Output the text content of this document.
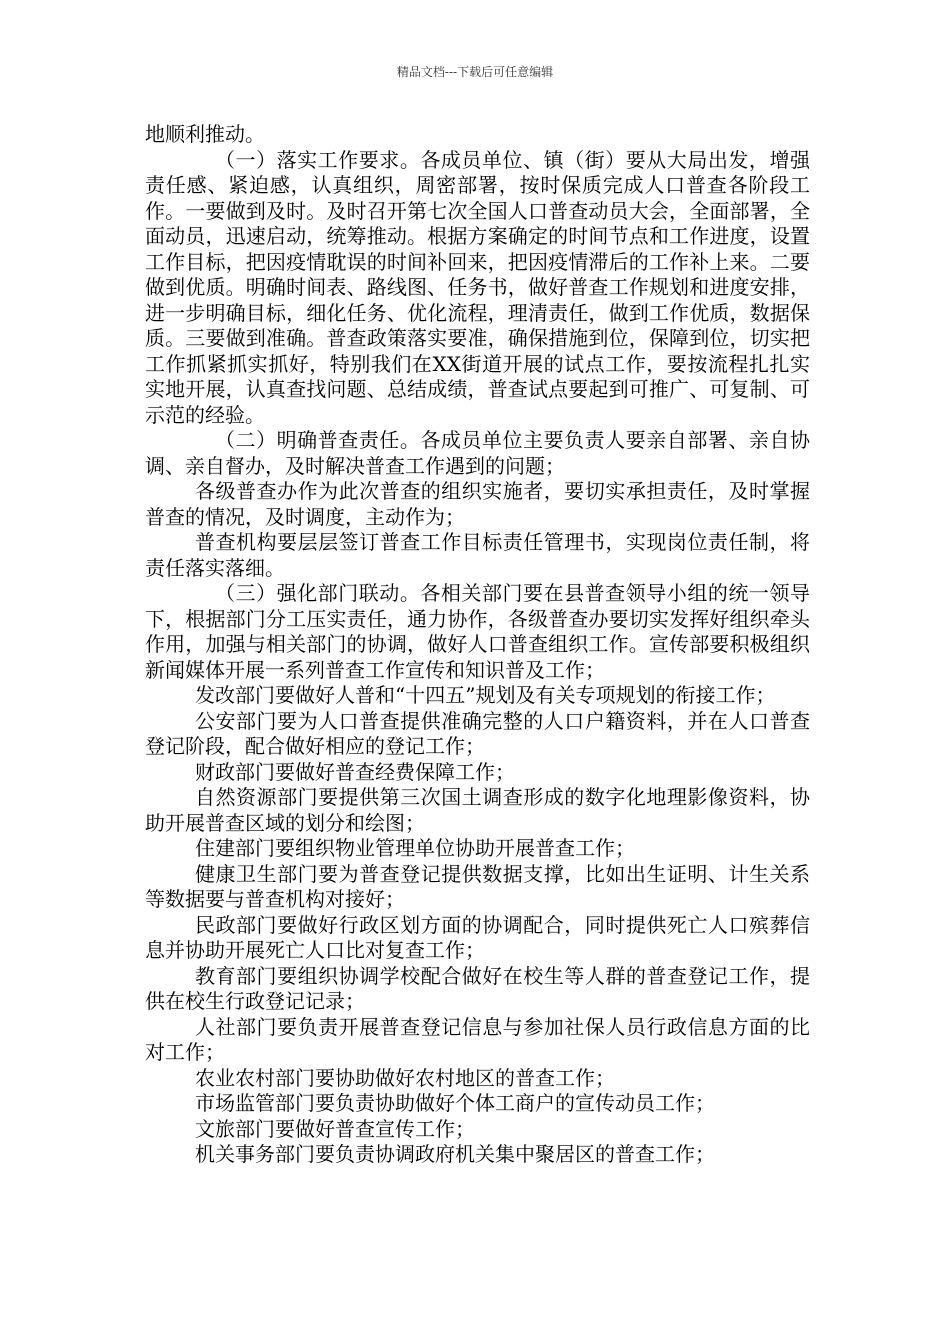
精品文档---下载后可任意编辑

地顺利推动。

（一）落实工作要求。各成员单位、镇（街）要从大局出发，增强责任感、紧迫感，认真组织，周密部署，按时保质完成人口普查各阶段工作。一要做到及时。及时召开第七次全国人口普查动员大会，全面部署，全面动员，迅速启动，统筹推动。根据方案确定的时间节点和工作进度，设置工作目标，把因疫情耽误的时间补回来，把因疫情滞后的工作补上来。二要做到优质。明确时间表、路线图、任务书，做好普查工作规划和进度安排，进一步明确目标，细化任务、优化流程，理清责任，做到工作优质，数据保质。三要做到准确。普查政策落实要准，确保措施到位，保障到位，切实把工作抓紧抓实抓好，特别我们在XX街道开展的试点工作，要按流程扎扎实实地开展，认真查找问题、总结成绩，普查试点要起到可推广、可复制、可示范的经验。

（二）明确普查责任。各成员单位主要负责人要亲自部署、亲自协调、亲自督办，及时解决普查工作遇到的问题；

各级普查办作为此次普查的组织实施者，要切实承担责任，及时掌握普查的情况，及时调度，主动作为；

普查机构要层层签订普查工作目标责任管理书，实现岗位责任制，将责任落实落细。

（三）强化部门联动。各相关部门要在县普查领导小组的统一领导下，根据部门分工压实责任，通力协作，各级普查办要切实发挥好组织牵头作用，加强与相关部门的协调，做好人口普查组织工作。宣传部要积极组织新闻媒体开展一系列普查工作宣传和知识普及工作；

发改部门要做好人普和“十四五”规划及有关专项规划的衔接工作；

公安部门要为人口普查提供准确完整的人口户籍资料，并在人口普查登记阶段，配合做好相应的登记工作；

财政部门要做好普查经费保障工作；

自然资源部门要提供第三次国土调查形成的数字化地理影像资料，协助开展普查区域的划分和绘图；

住建部门要组织物业管理单位协助开展普查工作；

健康卫生部门要为普查登记提供数据支撑，比如出生证明、计生关系等数据要与普查机构对接好；

民政部门要做好行政区划方面的协调配合，同时提供死亡人口殡葬信息并协助开展死亡人口比对复查工作；

教育部门要组织协调学校配合做好在校生等人群的普查登记工作，提供在校生行政登记记录；

人社部门要负责开展普查登记信息与参加社保人员行政信息方面的比对工作；

农业农村部门要协助做好农村地区的普查工作；

市场监管部门要负责协助做好个体工商户的宣传动员工作；

文旅部门要做好普查宣传工作；

机关事务部门要负责协调政府机关集中聚居区的普查工作；
